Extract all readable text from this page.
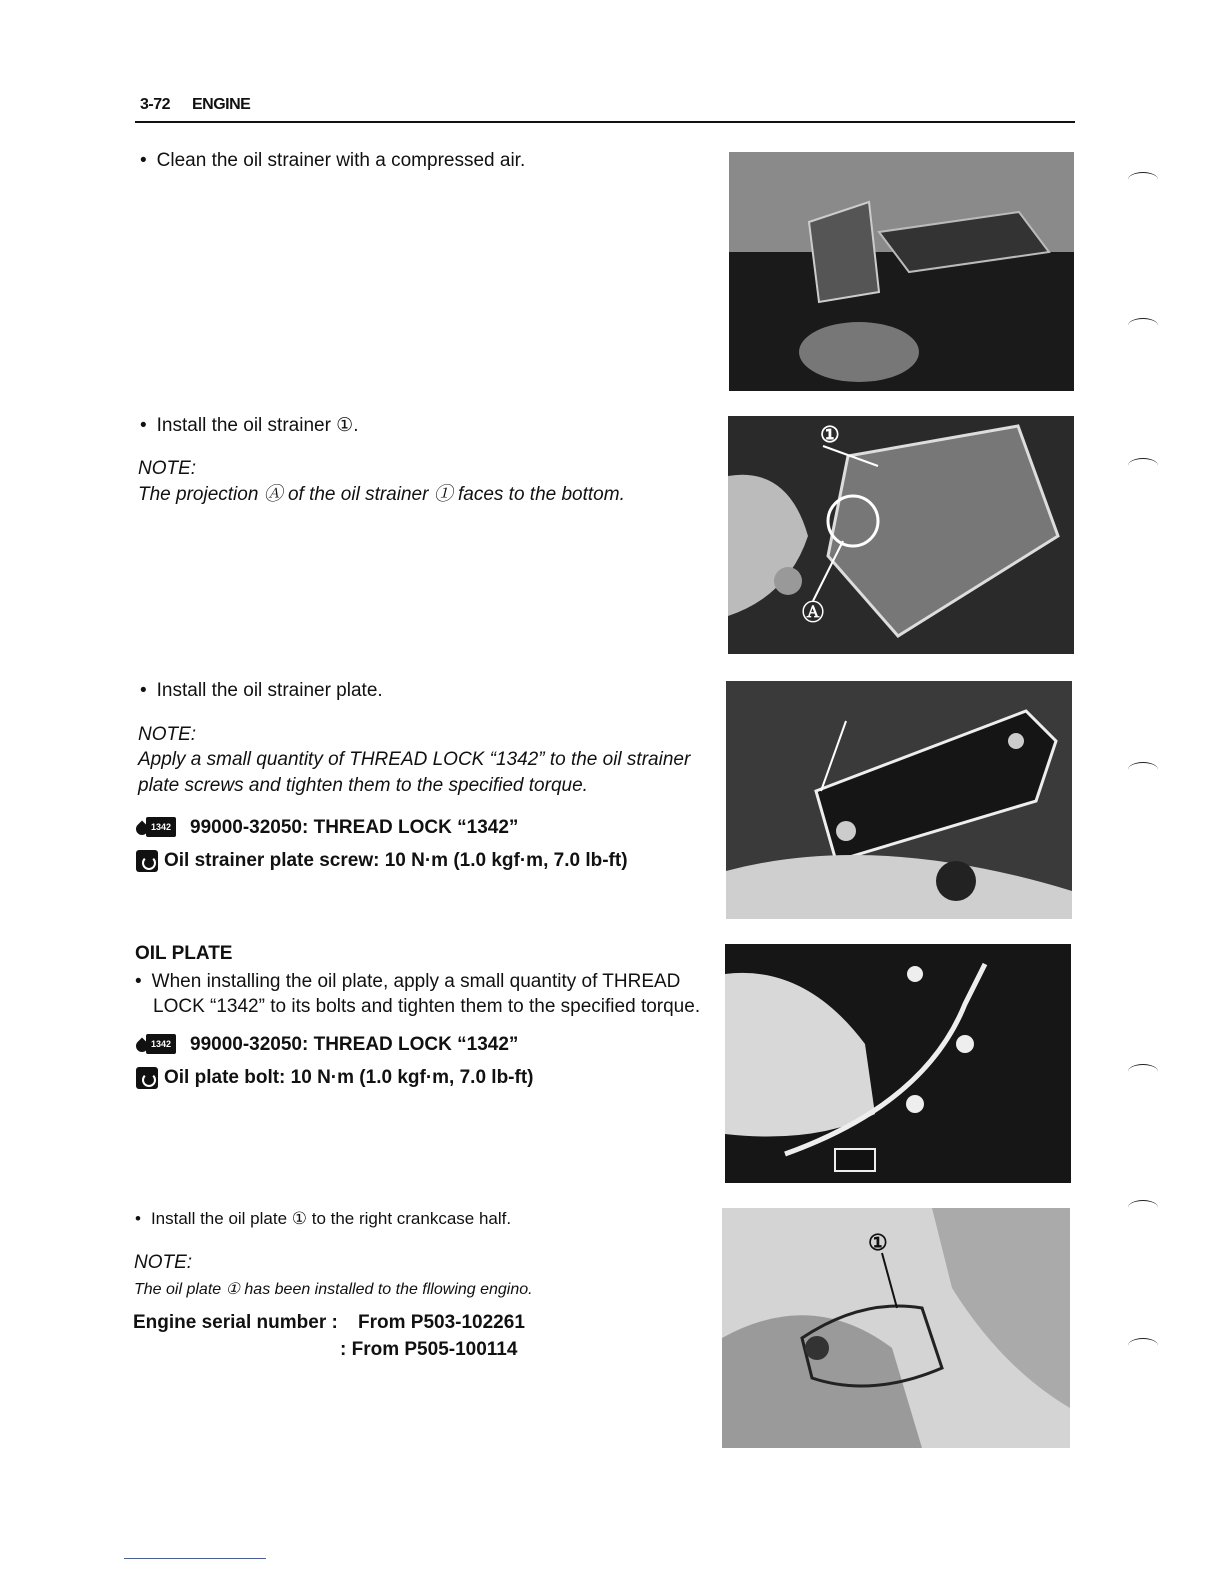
3-72 ENGINE
• Clean the oil strainer with a compressed air.
• Install the oil strainer ①.
NOTE:
The projection Ⓐ of the oil strainer ① faces to the bottom.
①
Ⓐ
• Install the oil strainer plate.
NOTE:
Apply a small quantity of THREAD LOCK “1342” to the oil strainer
plate screws and tighten them to the specified torque.
1342 99000-32050: THREAD LOCK “1342”
Oil strainer plate screw: 10 N·m (1.0 kgf·m, 7.0 lb-ft)
OIL PLATE
• When installing the oil plate, apply a small quantity of THREAD
LOCK “1342” to its bolts and tighten them to the specified torque.
1342 99000-32050: THREAD LOCK “1342”
Oil plate bolt: 10 N·m (1.0 kgf·m, 7.0 lb-ft)
• Install the oil plate ① to the right crankcase half.
NOTE:
The oil plate ① has been installed to the fllowing engino.
Engine serial number : From P503-102261
: From P505-100114
①
